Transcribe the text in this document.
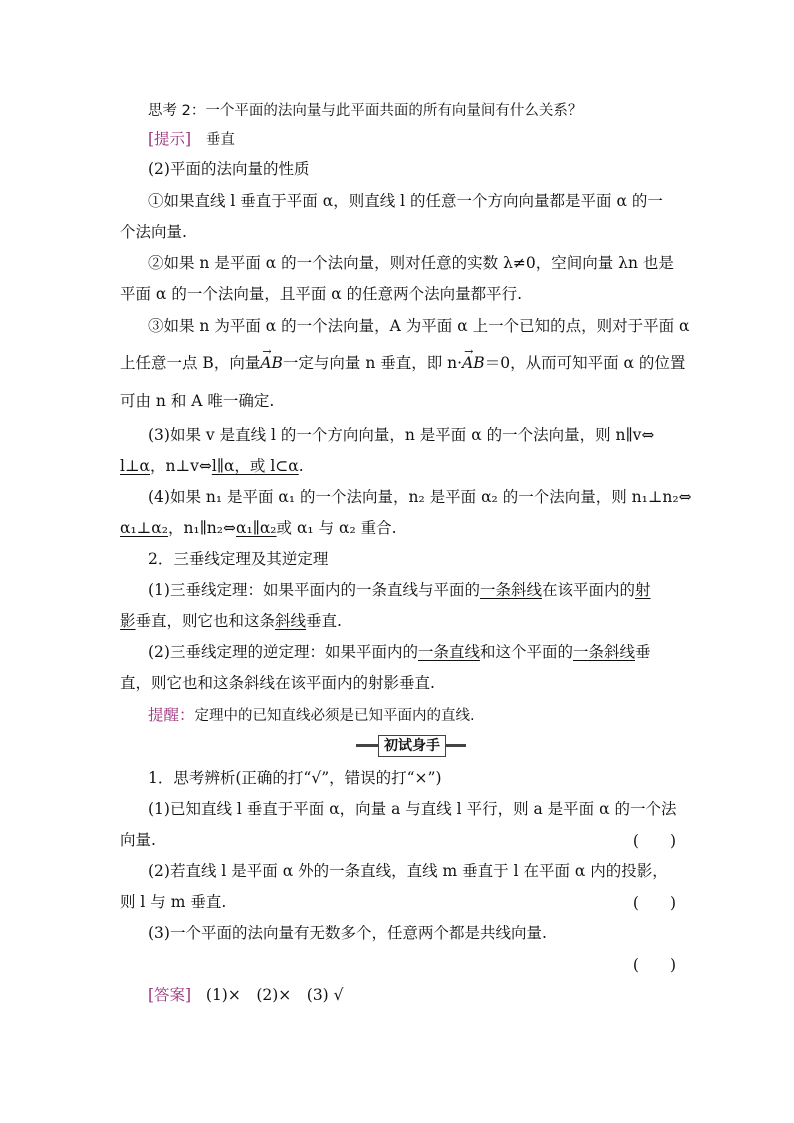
思考 2：一个平面的法向量与此平面共面的所有向量间有什么关系？
[提示] 垂直
(2)平面的法向量的性质
①如果直线 l 垂直于平面 α，则直线 l 的任意一个方向向量都是平面 α 的一
个法向量.
②如果 n 是平面 α 的一个法向量，则对任意的实数 λ≠0，空间向量 λn 也是
平面 α 的一个法向量，且平面 α 的任意两个法向量都平行.
③如果 n 为平面 α 的一个法向量，A 为平面 α 上一个已知的点，则对于平面 α
上任意一点 B，向量→ AB一定与向量 n 垂直，即 n·→ AB＝0，从而可知平面 α 的位置
可由 n 和 A 唯一确定.
(3)如果 v 是直线 l 的一个方向向量，n 是平面 α 的一个法向量，则 n∥v⇔
l⊥α，n⊥v⇔l∥α，或 l⊂α.
(4)如果 n₁ 是平面 α₁ 的一个法向量，n₂ 是平面 α₂ 的一个法向量，则 n₁⊥n₂⇔
α₁⊥α₂，n₁∥n₂⇔α₁∥α₂或 α₁ 与 α₂ 重合.
2．三垂线定理及其逆定理
(1)三垂线定理：如果平面内的一条直线与平面的一条斜线在该平面内的射
影垂直，则它也和这条斜线垂直.
(2)三垂线定理的逆定理：如果平面内的一条直线和这个平面的一条斜线垂
直，则它也和这条斜线在该平面内的射影垂直.
提醒：定理中的已知直线必须是已知平面内的直线.
初试身手
1．思考辨析(正确的打“√”，错误的打“×”)
(1)已知直线 l 垂直于平面 α，向量 a 与直线 l 平行，则 a 是平面 α 的一个法
向量.	(　　)
(2)若直线 l 是平面 α 外的一条直线，直线 m 垂直于 l 在平面 α 内的投影，
则 l 与 m 垂直.	(　　)
(3)一个平面的法向量有无数多个，任意两个都是共线向量.
(　　)
[答案] (1)×　(2)×　(3) √
